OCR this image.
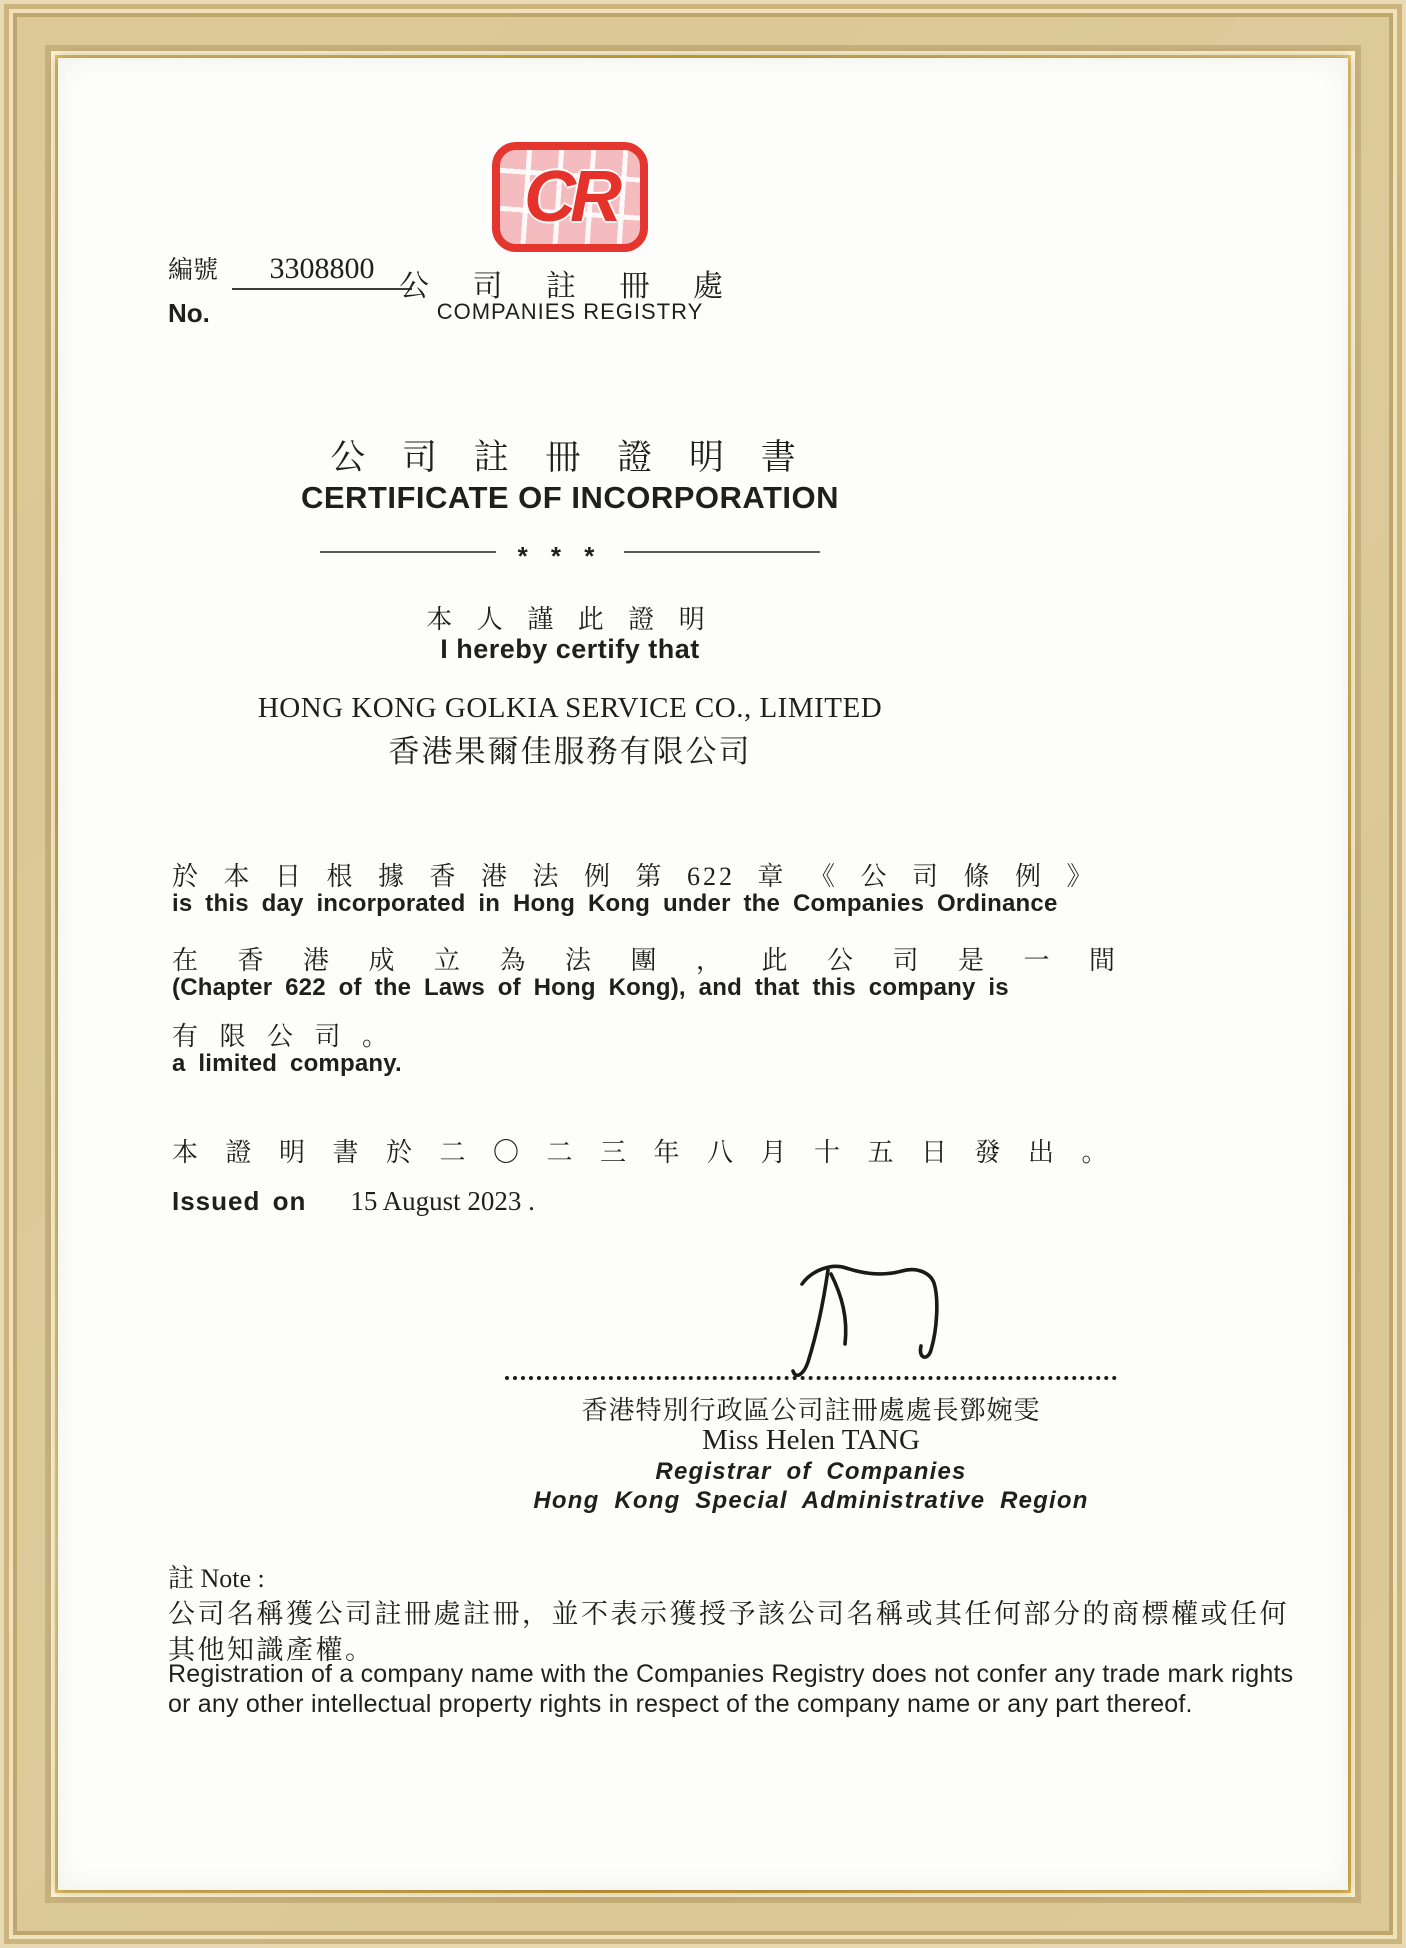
編號 3308800
No.
CR
公 司 註 冊 處
COMPANIES REGISTRY
公 司 註 冊 證 明 書
CERTIFICATE OF INCORPORATION
* * *
本 人 謹 此 證 明
I hereby certify that
HONG KONG GOLKIA SERVICE CO., LIMITED
香港果爾佳服務有限公司
於 本 日 根 據 香 港 法 例 第 622 章 《 公 司 條 例 》
is this day incorporated in Hong Kong under the Companies Ordinance
在 香 港 成 立 為 法 團 ， 此 公 司 是 一 間
(Chapter 622 of the Laws of Hong Kong), and that this company is
有 限 公 司 。
a limited company.
本 證 明 書 於 二 〇 二 三 年 八 月 十 五 日 發 出 。
Issued on 15 August 2023 .
香港特別行政區公司註冊處處長鄧婉雯
Miss Helen TANG
Registrar of Companies
Hong Kong Special Administrative Region
註 Note :
公司名稱獲公司註冊處註冊，並不表示獲授予該公司名稱或其任何部分的商標權或任何
其他知識產權。
Registration of a company name with the Companies Registry does not confer any trade mark rights
or any other intellectual property rights in respect of the company name or any part thereof.
